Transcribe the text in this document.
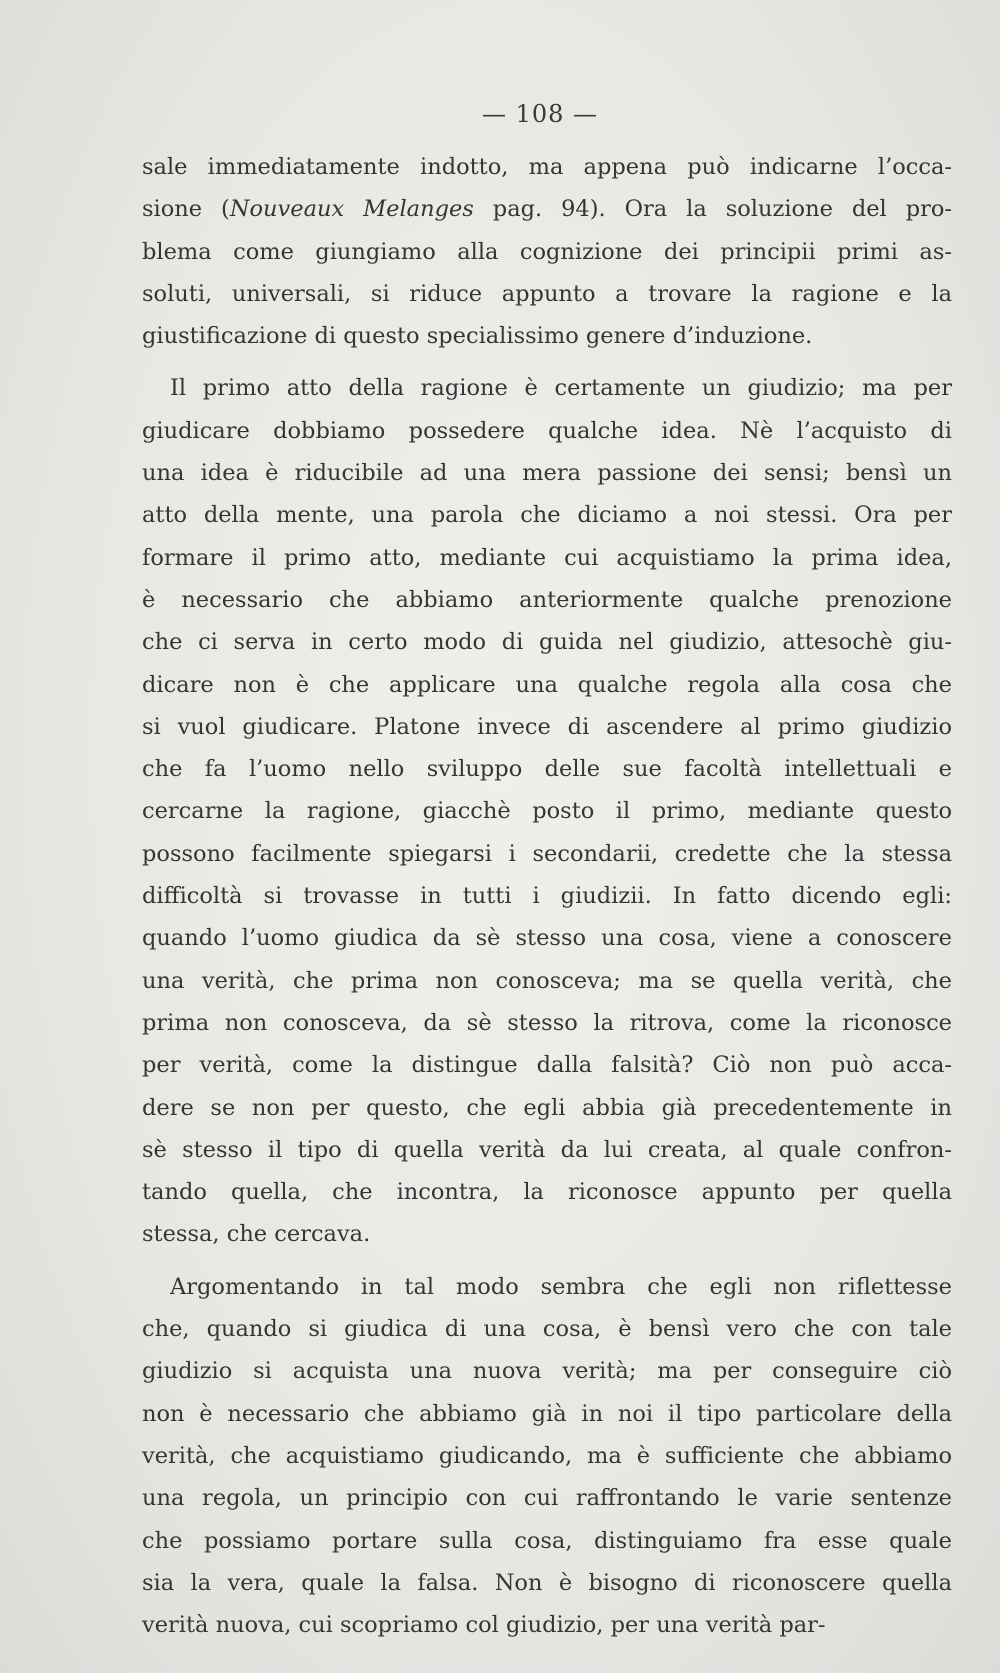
— 108 —
sale immediatamente indotto, ma appena può indicarne l’occa-
sione (Nouveaux Melanges pag. 94). Ora la soluzione del pro-
blema come giungiamo alla cognizione dei principii primi as-
soluti, universali, si riduce appunto a trovare la ragione e la
giustificazione di questo specialissimo genere d’induzione.
Il primo atto della ragione è certamente un giudizio; ma per
giudicare dobbiamo possedere qualche idea. Nè l’acquisto di
una idea è riducibile ad una mera passione dei sensi; bensì un
atto della mente, una parola che diciamo a noi stessi. Ora per
formare il primo atto, mediante cui acquistiamo la prima idea,
è necessario che abbiamo anteriormente qualche prenozione
che ci serva in certo modo di guida nel giudizio, attesochè giu-
dicare non è che applicare una qualche regola alla cosa che
si vuol giudicare. Platone invece di ascendere al primo giudizio
che fa l’uomo nello sviluppo delle sue facoltà intellettuali e
cercarne la ragione, giacchè posto il primo, mediante questo
possono facilmente spiegarsi i secondarii, credette che la stessa
difficoltà si trovasse in tutti i giudizii. In fatto dicendo egli:
quando l’uomo giudica da sè stesso una cosa, viene a conoscere
una verità, che prima non conosceva; ma se quella verità, che
prima non conosceva, da sè stesso la ritrova, come la riconosce
per verità, come la distingue dalla falsità? Ciò non può acca-
dere se non per questo, che egli abbia già precedentemente in
sè stesso il tipo di quella verità da lui creata, al quale confron-
tando quella, che incontra, la riconosce appunto per quella
stessa, che cercava.
Argomentando in tal modo sembra che egli non riflettesse
che, quando si giudica di una cosa, è bensì vero che con tale
giudizio si acquista una nuova verità; ma per conseguire ciò
non è necessario che abbiamo già in noi il tipo particolare della
verità, che acquistiamo giudicando, ma è sufficiente che abbiamo
una regola, un principio con cui raffrontando le varie sentenze
che possiamo portare sulla cosa, distinguiamo fra esse quale
sia la vera, quale la falsa. Non è bisogno di riconoscere quella
verità nuova, cui scopriamo col giudizio, per una verità par-
